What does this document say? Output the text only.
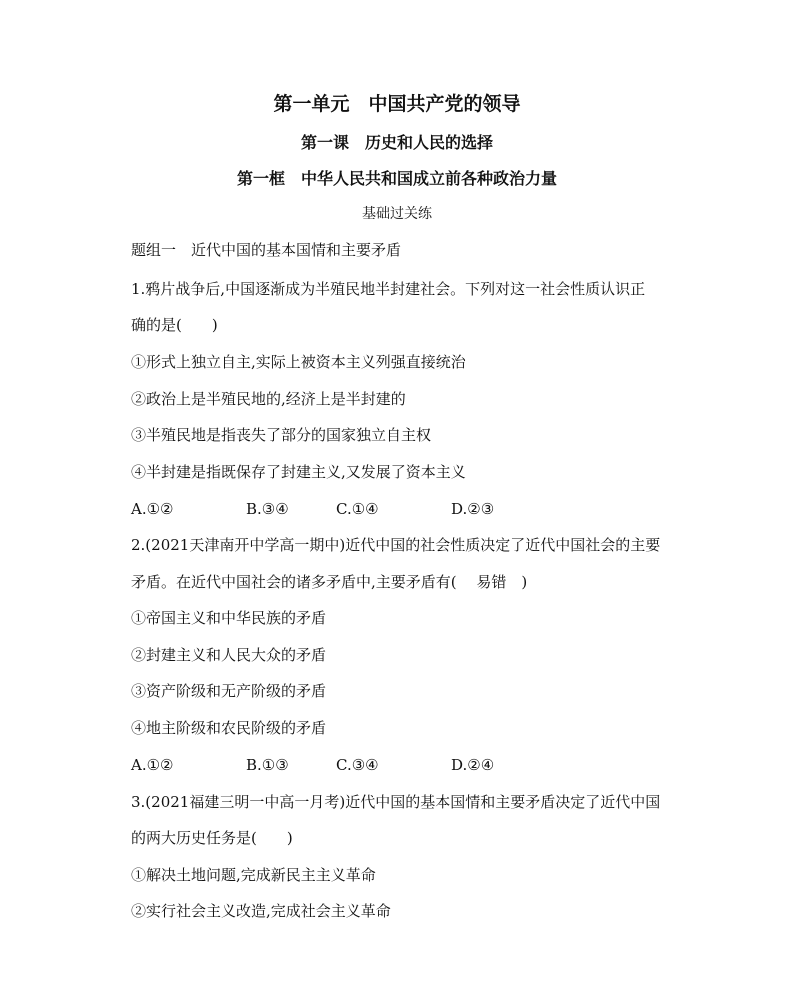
第一单元　中国共产党的领导
第一课　历史和人民的选择
第一框　中华人民共和国成立前各种政治力量
基础过关练
题组一　近代中国的基本国情和主要矛盾
1.鸦片战争后,中国逐渐成为半殖民地半封建社会。下列对这一社会性质认识正
确的是(　　)
①形式上独立自主,实际上被资本主义列强直接统治
②政治上是半殖民地的,经济上是半封建的
③半殖民地是指丧失了部分的国家独立自主权
④半封建是指既保存了封建主义,又发展了资本主义
A.①②	B.③④	C.①④	D.②③
2.(2021天津南开中学高一期中)近代中国的社会性质决定了近代中国社会的主要
矛盾。在近代中国社会的诸多矛盾中,主要矛盾有(　 易错　)
①帝国主义和中华民族的矛盾
②封建主义和人民大众的矛盾
③资产阶级和无产阶级的矛盾
④地主阶级和农民阶级的矛盾
A.①②	B.①③	C.③④	D.②④
3.(2021福建三明一中高一月考)近代中国的基本国情和主要矛盾决定了近代中国
的两大历史任务是(　　)
①解决土地问题,完成新民主主义革命
②实行社会主义改造,完成社会主义革命
